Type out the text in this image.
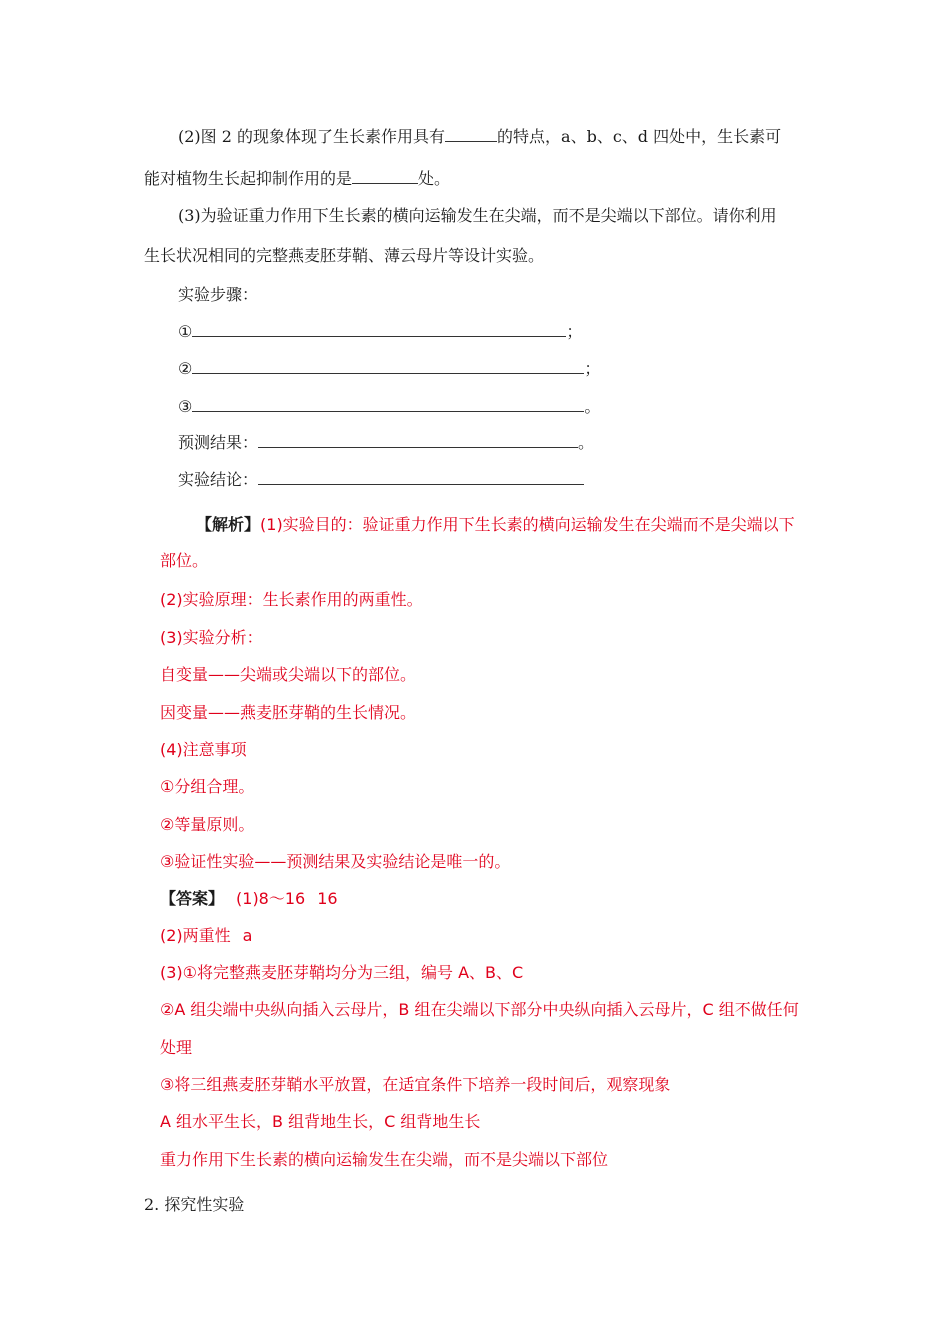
(2)图 2 的现象体现了生长素作用具有	的特点，a、b、c、d 四处中，生长素可
能对植物生长起抑制作用的是	处。
(3)为验证重力作用下生长素的横向运输发生在尖端，而不是尖端以下部位。请你利用
生长状况相同的完整燕麦胚芽鞘、薄云母片等设计实验。
实验步骤：
①	；
②	；
③	。
预测结果：	。
实验结论：
【解析】(1)实验目的：验证重力作用下生长素的横向运输发生在尖端而不是尖端以下
部位。
(2)实验原理：生长素作用的两重性。
(3)实验分析：
自变量——尖端或尖端以下的部位。
因变量——燕麦胚芽鞘的生长情况。
(4)注意事项
①分组合理。
②等量原则。
③验证性实验——预测结果及实验结论是唯一的。
【答案】 (1)8～16 16
(2)两重性 a
(3)①将完整燕麦胚芽鞘均分为三组，编号 A、B、C
②A 组尖端中央纵向插入云母片，B 组在尖端以下部分中央纵向插入云母片，C 组不做任何
处理
③将三组燕麦胚芽鞘水平放置，在适宜条件下培养一段时间后，观察现象
A 组水平生长，B 组背地生长，C 组背地生长
重力作用下生长素的横向运输发生在尖端，而不是尖端以下部位
2. 探究性实验
